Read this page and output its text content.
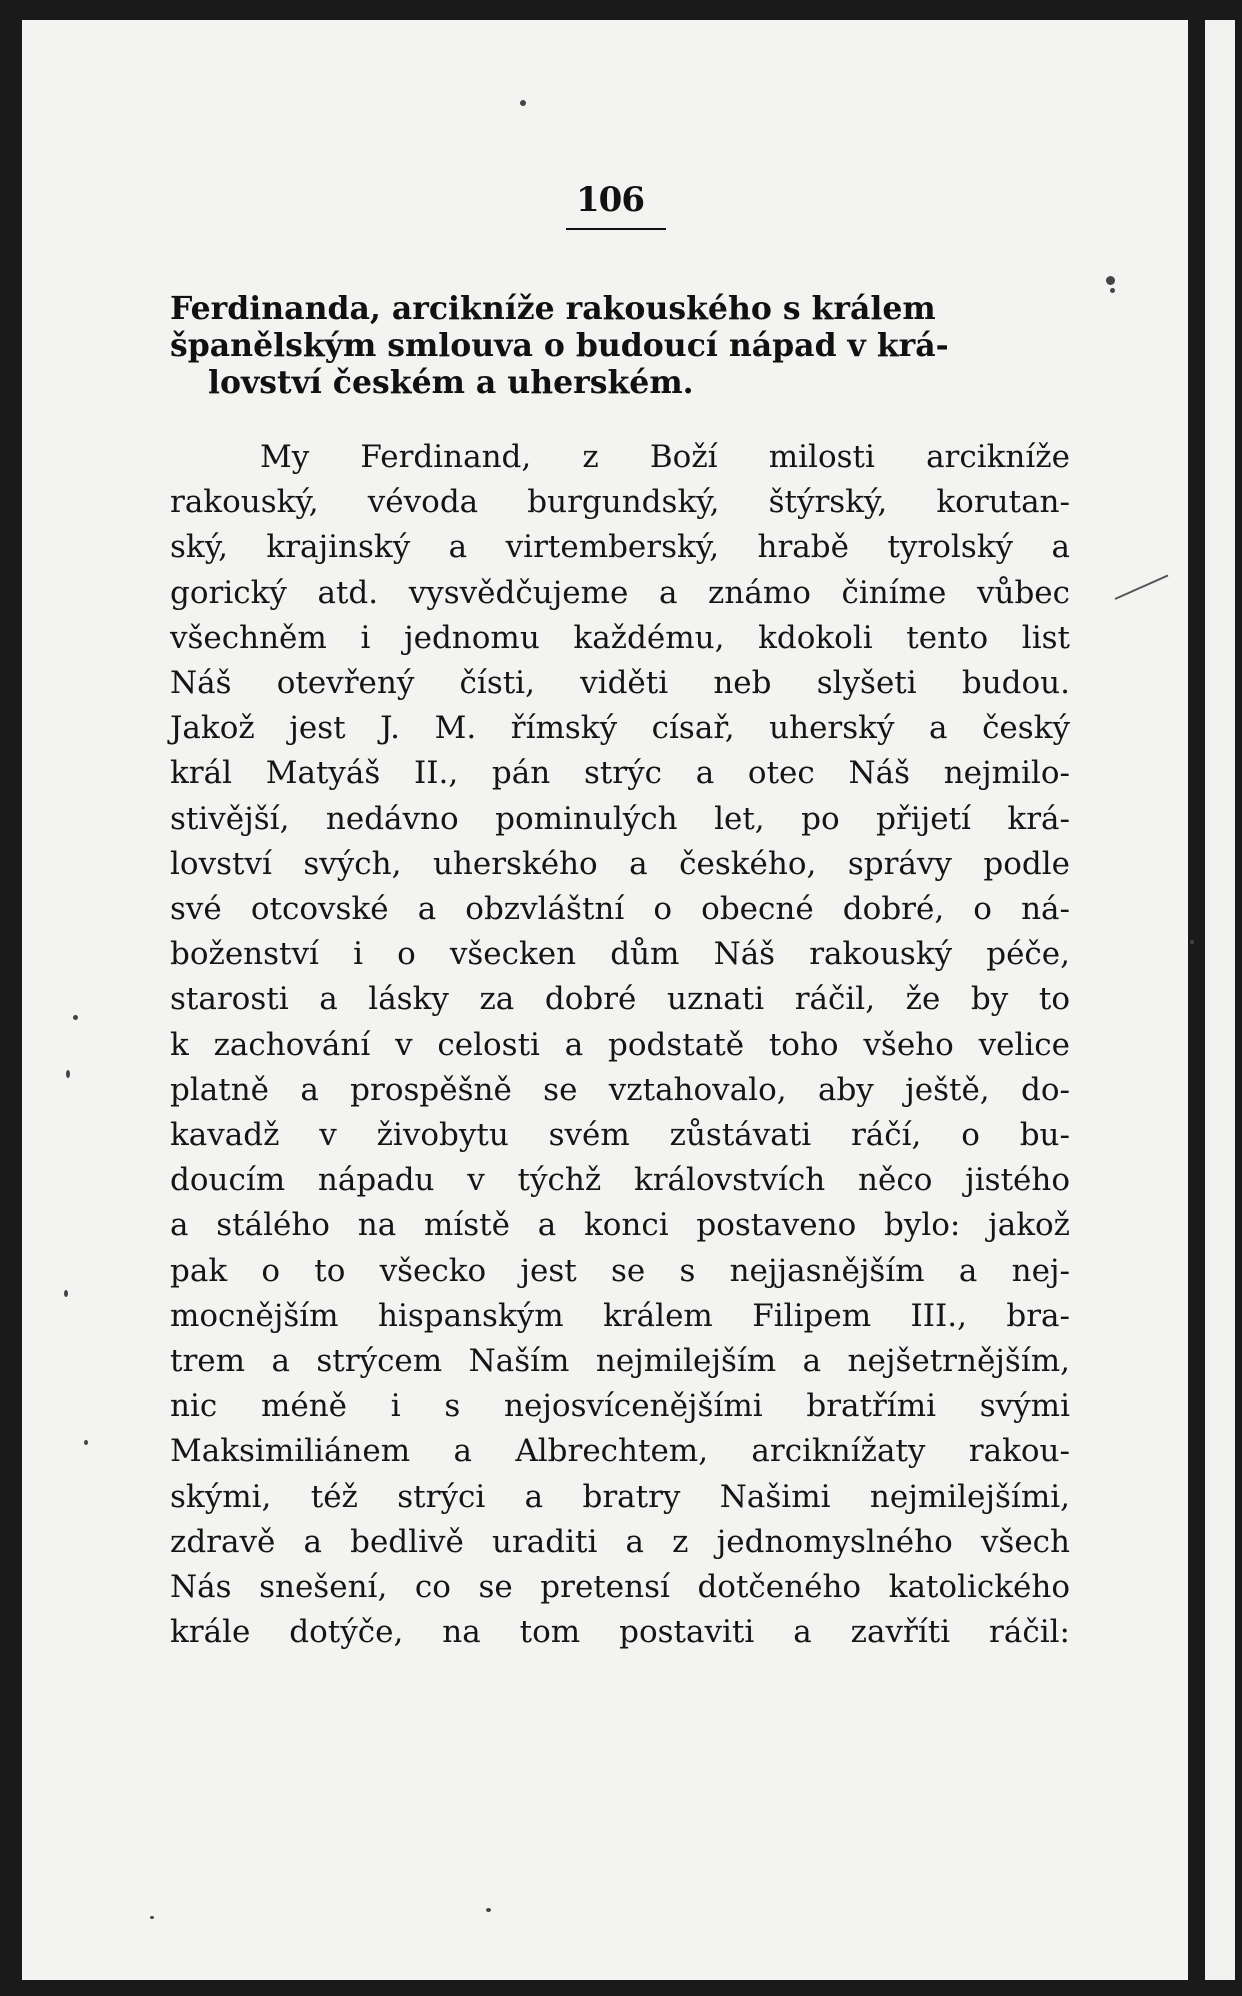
106
Ferdinanda, arcikníže rakouského s králem
španělským smlouva o budoucí nápad v krá-
lovství českém a uherském.
My Ferdinand, z Boží milosti arcikníže
rakouský, vévoda burgundský, štýrský, korutan-
ský, krajinský a virtemberský, hrabě tyrolský a
gorický atd. vysvědčujeme a známo činíme vůbec
všechněm i jednomu každému, kdokoli tento list
Náš otevřený čísti, viděti neb slyšeti budou.
Jakož jest J. M. římský císař, uherský a český
král Matyáš II., pán strýc a otec Náš nejmilo-
stivější, nedávno pominulých let, po přijetí krá-
lovství svých, uherského a českého, správy podle
své otcovské a obzvláštní o obecné dobré, o ná-
boženství i o všecken dům Náš rakouský péče,
starosti a lásky za dobré uznati ráčil, že by to
k zachování v celosti a podstatě toho všeho velice
platně a prospěšně se vztahovalo, aby ještě, do-
kavadž v živobytu svém zůstávati ráčí, o bu-
doucím nápadu v týchž královstvích něco jistého
a stálého na místě a konci postaveno bylo: jakož
pak o to všecko jest se s nejjasnějším a nej-
mocnějším hispanským králem Filipem III., bra-
trem a strýcem Naším nejmilejším a nejšetrnějším,
nic méně i s nejosvícenějšími bratřími svými
Maksimiliánem a Albrechtem, arciknížaty rakou-
skými, též strýci a bratry Našimi nejmilejšími,
zdravě a bedlivě uraditi a z jednomyslného všech
Nás snešení, co se pretensí dotčeného katolického
krále dotýče, na tom postaviti a zavříti ráčil:
